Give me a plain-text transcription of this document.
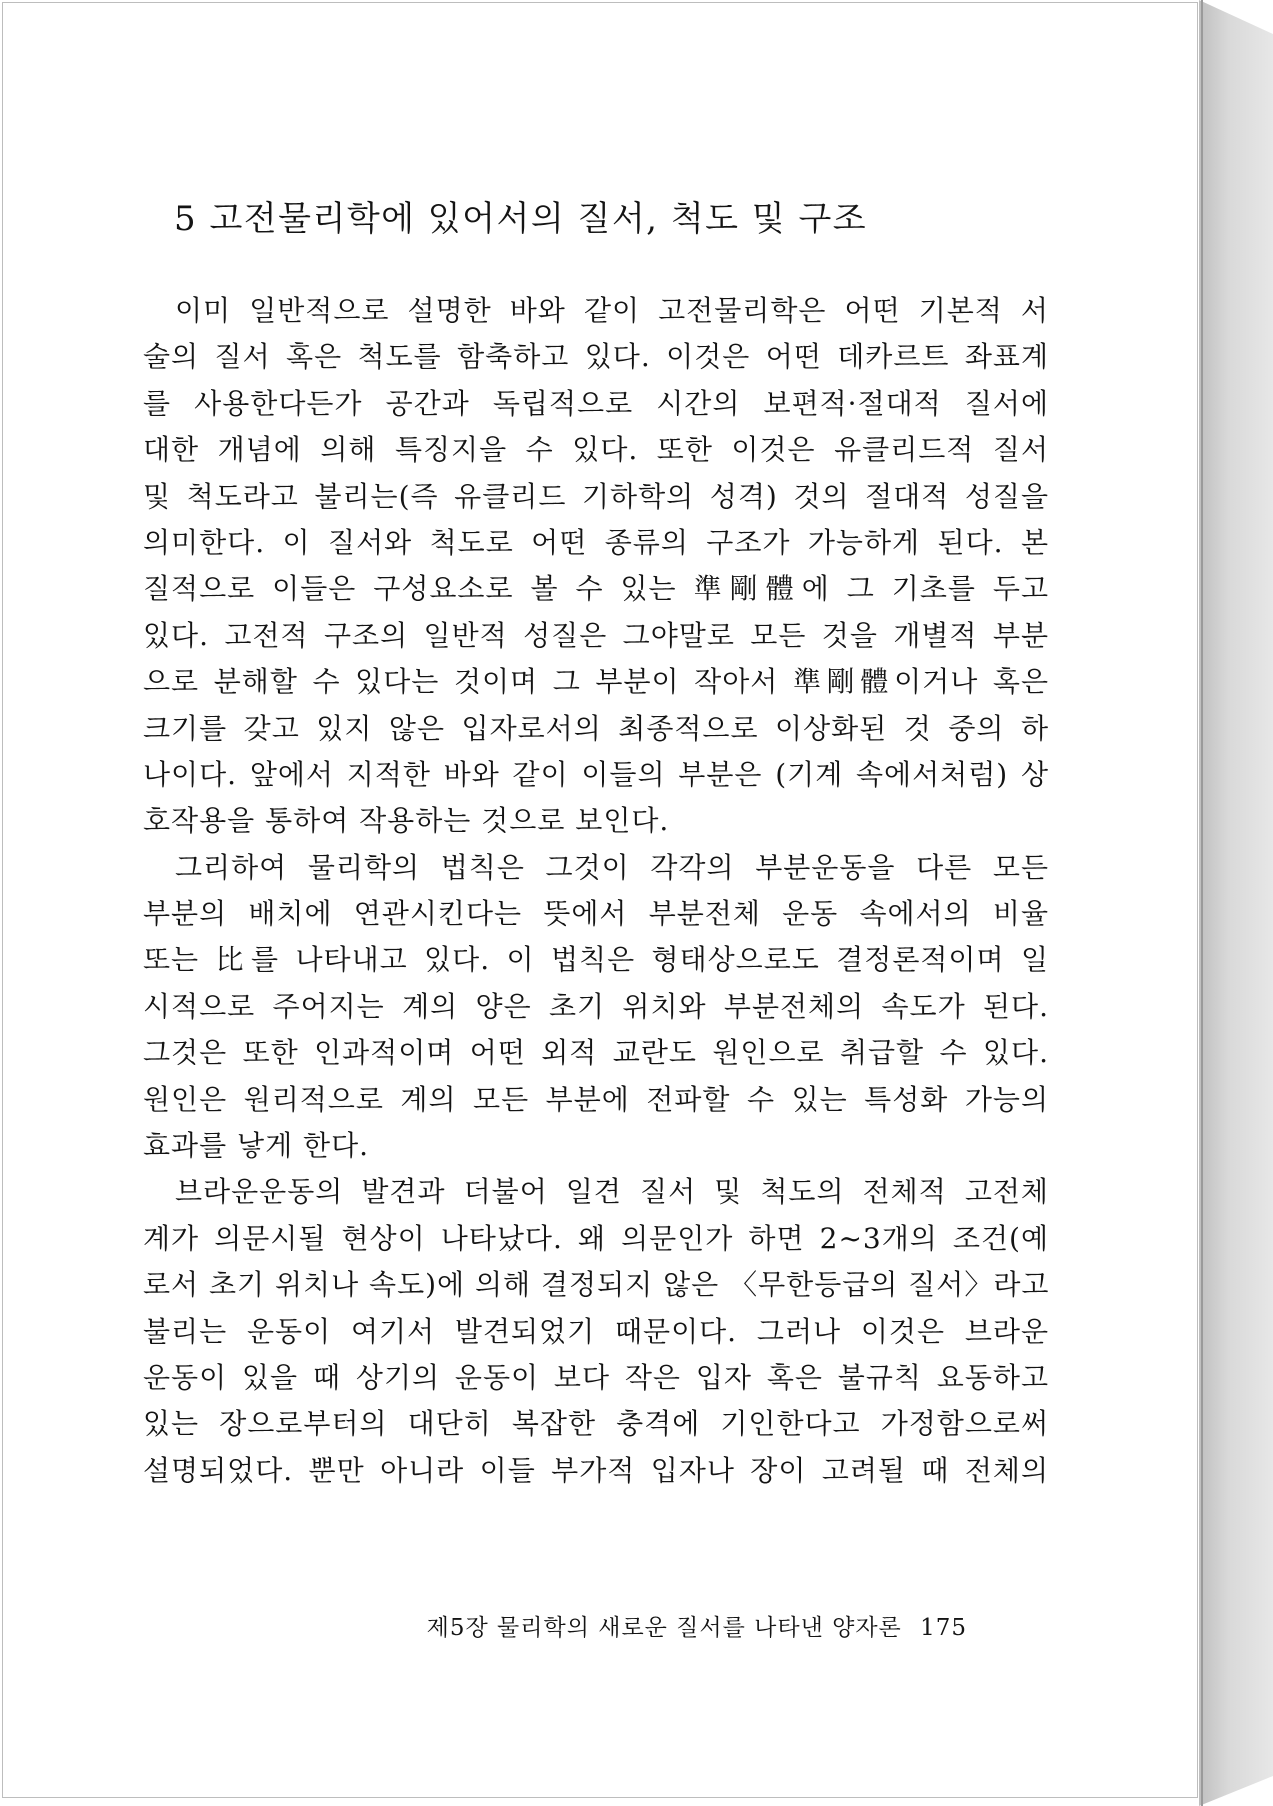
5 고전물리학에 있어서의 질서, 척도 및 구조
이미 일반적으로 설명한 바와 같이 고전물리학은 어떤 기본적 서
술의 질서 혹은 척도를 함축하고 있다. 이것은 어떤 데카르트 좌표계
를 사용한다든가 공간과 독립적으로 시간의 보편적·절대적 질서에
대한 개념에 의해 특징지을 수 있다. 또한 이것은 유클리드적 질서
및 척도라고 불리는(즉 유클리드 기하학의 성격) 것의 절대적 성질을
의미한다. 이 질서와 척도로 어떤 종류의 구조가 가능하게 된다. 본
질적으로 이들은 구성요소로 볼 수 있는 準剛體에 그 기초를 두고
있다. 고전적 구조의 일반적 성질은 그야말로 모든 것을 개별적 부분
으로 분해할 수 있다는 것이며 그 부분이 작아서 準剛體이거나 혹은
크기를 갖고 있지 않은 입자로서의 최종적으로 이상화된 것 중의 하
나이다. 앞에서 지적한 바와 같이 이들의 부분은 (기계 속에서처럼) 상
호작용을 통하여 작용하는 것으로 보인다.
그리하여 물리학의 법칙은 그것이 각각의 부분운동을 다른 모든
부분의 배치에 연관시킨다는 뜻에서 부분전체 운동 속에서의 비율
또는 比를 나타내고 있다. 이 법칙은 형태상으로도 결정론적이며 일
시적으로 주어지는 계의 양은 초기 위치와 부분전체의 속도가 된다.
그것은 또한 인과적이며 어떤 외적 교란도 원인으로 취급할 수 있다.
원인은 원리적으로 계의 모든 부분에 전파할 수 있는 특성화 가능의
효과를 낳게 한다.
브라운운동의 발견과 더불어 일견 질서 및 척도의 전체적 고전체
계가 의문시될 현상이 나타났다. 왜 의문인가 하면 2~3개의 조건(예
로서 초기 위치나 속도)에 의해 결정되지 않은 〈무한등급의 질서〉라고
불리는 운동이 여기서 발견되었기 때문이다. 그러나 이것은 브라운
운동이 있을 때 상기의 운동이 보다 작은 입자 혹은 불규칙 요동하고
있는 장으로부터의 대단히 복잡한 충격에 기인한다고 가정함으로써
설명되었다. 뿐만 아니라 이들 부가적 입자나 장이 고려될 때 전체의
제5장 물리학의 새로운 질서를 나타낸 양자론 175
